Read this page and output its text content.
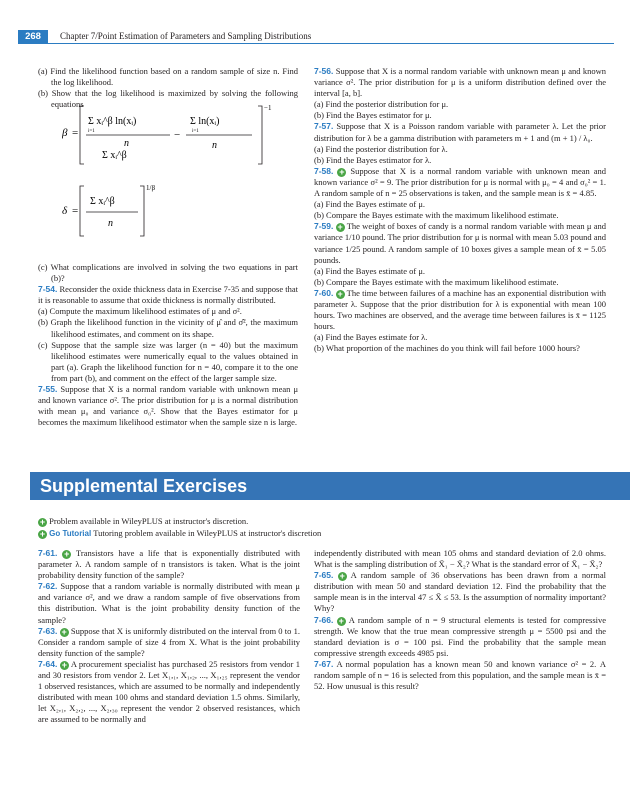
268	Chapter 7/Point Estimation of Parameters and Sampling Distributions

(a) Find the likelihood function based on a random sample of size n. Find the log likelihood.

(b) Show that the log likelihood is maximized by solving the following equations

β =
−1
Σ xᵢ^β ln(xᵢ)
i=1
n
−
Σ ln(xᵢ)
i=1
n
Σ xᵢ^β
δ =
1/β
Σ xᵢ^β
n

(c) What complications are involved in solving the two equations in part (b)?

7-54. Reconsider the oxide thickness data in Exercise 7-35 and suppose that it is reasonable to assume that oxide thickness is normally distributed.

(a) Compute the maximum likelihood estimates of μ and σ².

(b) Graph the likelihood function in the vicinity of μ̂ and σ̂², the maximum likelihood estimates, and comment on its shape.

(c) Suppose that the sample size was larger (n = 40) but the maximum likelihood estimates were numerically equal to the values obtained in part (a). Graph the likelihood function for n = 40, compare it to the one from part (b), and comment on the effect of the larger sample size.

7-55. Suppose that X is a normal random variable with unknown mean μ and known variance σ². The prior distribution for μ is a normal distribution with mean μ₀ and variance σ₀². Show that the Bayes estimator for μ becomes the maximum likelihood estimator when the sample size n is large.

7-56. Suppose that X is a normal random variable with unknown mean μ and known variance σ². The prior distribution for μ is a uniform distribution defined over the interval [a, b].

(a) Find the posterior distribution for μ.

(b) Find the Bayes estimator for μ.

7-57. Suppose that X is a Poisson random variable with parameter λ. Let the prior distribution for λ be a gamma distribution with parameters m + 1 and (m + 1) / λ₀.

(a) Find the posterior distribution for λ.

(b) Find the Bayes estimator for λ.

7-58. + Suppose that X is a normal random variable with unknown mean and known variance σ² = 9. The prior distribution for μ is normal with μ₀ = 4 and σ₀² = 1. A random sample of n = 25 observations is taken, and the sample mean is x̄ = 4.85.

(a) Find the Bayes estimate of μ.

(b) Compare the Bayes estimate with the maximum likelihood estimate.

7-59. + The weight of boxes of candy is a normal random variable with mean μ and variance 1/10 pound. The prior distribution for μ is normal with mean 5.03 pound and variance 1/25 pound. A random sample of 10 boxes gives a sample mean of x̄ = 5.05 pounds.

(a) Find the Bayes estimate of μ.

(b) Compare the Bayes estimate with the maximum likelihood estimate.

7-60. + The time between failures of a machine has an exponential distribution with parameter λ. Suppose that the prior distribution for λ is exponential with mean 100 hours. Two machines are observed, and the average time between failures is x̄ = 1125 hours.

(a) Find the Bayes estimate for λ.

(b) What proportion of the machines do you think will fail before 1000 hours?

Supplemental Exercises
+ Problem available in WileyPLUS at instructor's discretion.
+ Go Tutorial Tutoring problem available in WileyPLUS at instructor's discretion

7-61. + Transistors have a life that is exponentially distributed with parameter λ. A random sample of n transistors is taken. What is the joint probability density function of the sample?

7-62. Suppose that a random variable is normally distributed with mean μ and variance σ², and we draw a random sample of five observations from this distribution. What is the joint probability density function of the sample?

7-63. + Suppose that X is uniformly distributed on the interval from 0 to 1. Consider a random sample of size 4 from X. What is the joint probability density function of the sample?

7-64. + A procurement specialist has purchased 25 resistors from vendor 1 and 30 resistors from vendor 2. Let X₁,₁, X₁,₂, ..., X₁,₂₅ represent the vendor 1 observed resistances, which are assumed to be normally and independently distributed with mean 100 ohms and standard deviation 1.5 ohms. Similarly, let X₂,₁, X₂,₂, ..., X₂,₃₀ represent the vendor 2 observed resistances, which are assumed to be normally and

independently distributed with mean 105 ohms and standard deviation of 2.0 ohms. What is the sampling distribution of X̄₁ − X̄₂? What is the standard error of X̄₁ − X̄₂?

7-65. + A random sample of 36 observations has been drawn from a normal distribution with mean 50 and standard deviation 12. Find the probability that the sample mean is in the interval 47 ≤ X̄ ≤ 53. Is the assumption of normality important? Why?

7-66. + A random sample of n = 9 structural elements is tested for compressive strength. We know that the true mean compressive strength μ = 5500 psi and the standard deviation is σ = 100 psi. Find the probability that the sample mean compressive strength exceeds 4985 psi.

7-67. A normal population has a known mean 50 and known variance σ² = 2. A random sample of n = 16 is selected from this population, and the sample mean is x̄ = 52. How unusual is this result?
